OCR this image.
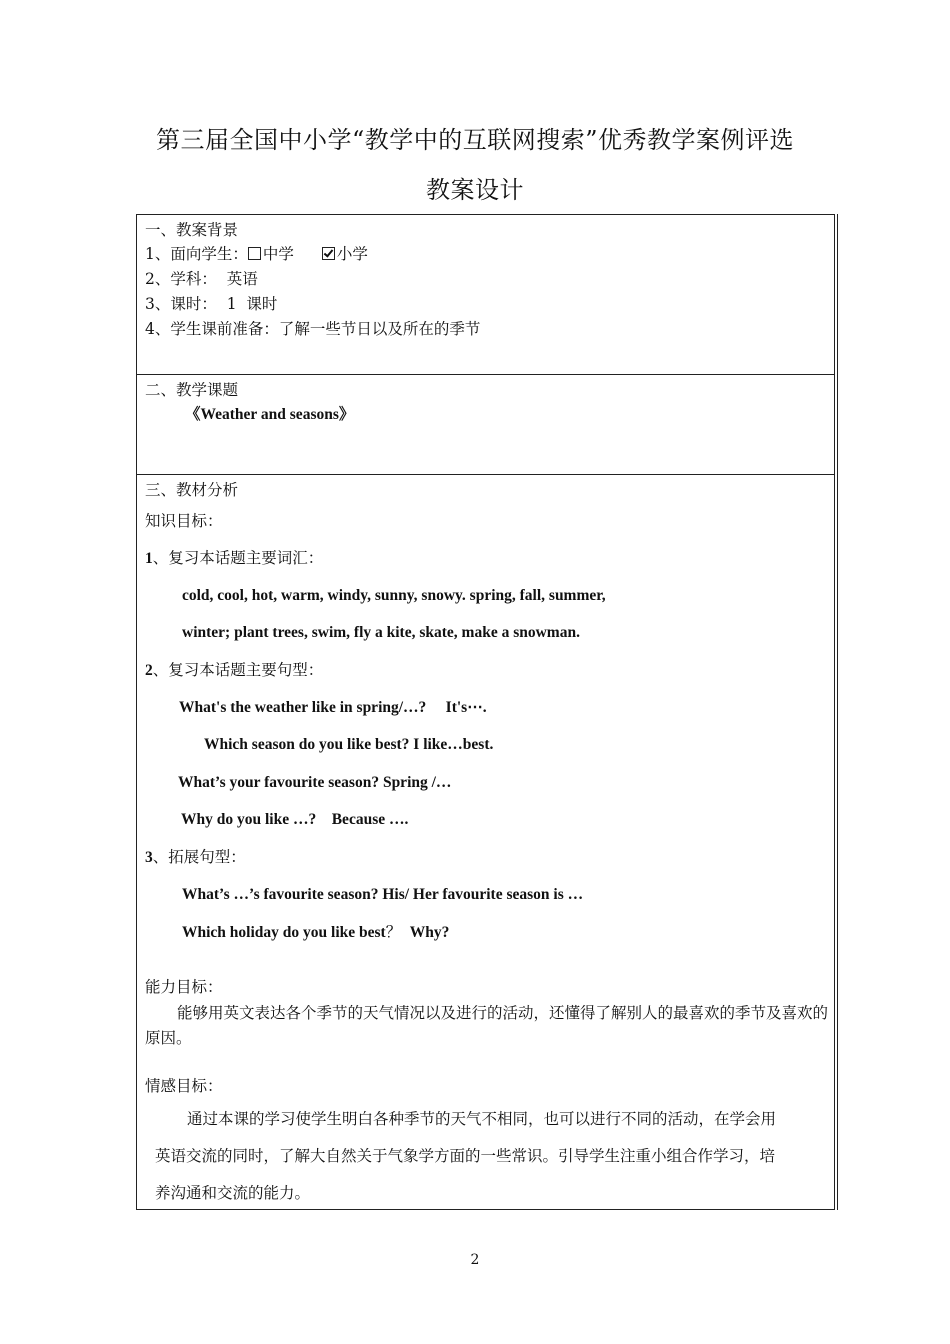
第三届全国中小学“教学中的互联网搜索”优秀教学案例评选
教案设计
一、教案背景
1、面向学生： 中学	小学
2、学科：  英语
3、课时：  1  课时
4、学生课前准备：了解一些节日以及所在的季节
二、教学课题
《Weather and seasons》
三、教材分析
知识目标：
1、复习本话题主要词汇：
cold, cool, hot, warm, windy, sunny, snowy. spring, fall, summer,
winter; plant trees, swim, fly a kite, skate, make a snowman.
2、复习本话题主要句型：
What's the weather like in spring/…?     It's⋯.
Which season do you like best? I like…best.
What’s your favourite season? Spring /…
Why do you like …?    Because ….
3、拓展句型：
What’s …’s favourite season? His/ Her favourite season is …
Which holiday do you like best？  Why?
能力目标：
能够用英文表达各个季节的天气情况以及进行的活动，还懂得了解别人的最喜欢的季节及喜欢的原因。
情感目标：
通过本课的学习使学生明白各种季节的天气不相同，也可以进行不同的活动，在学会用
英语交流的同时，了解大自然关于气象学方面的一些常识。引导学生注重小组合作学习，培
养沟通和交流的能力。
2
